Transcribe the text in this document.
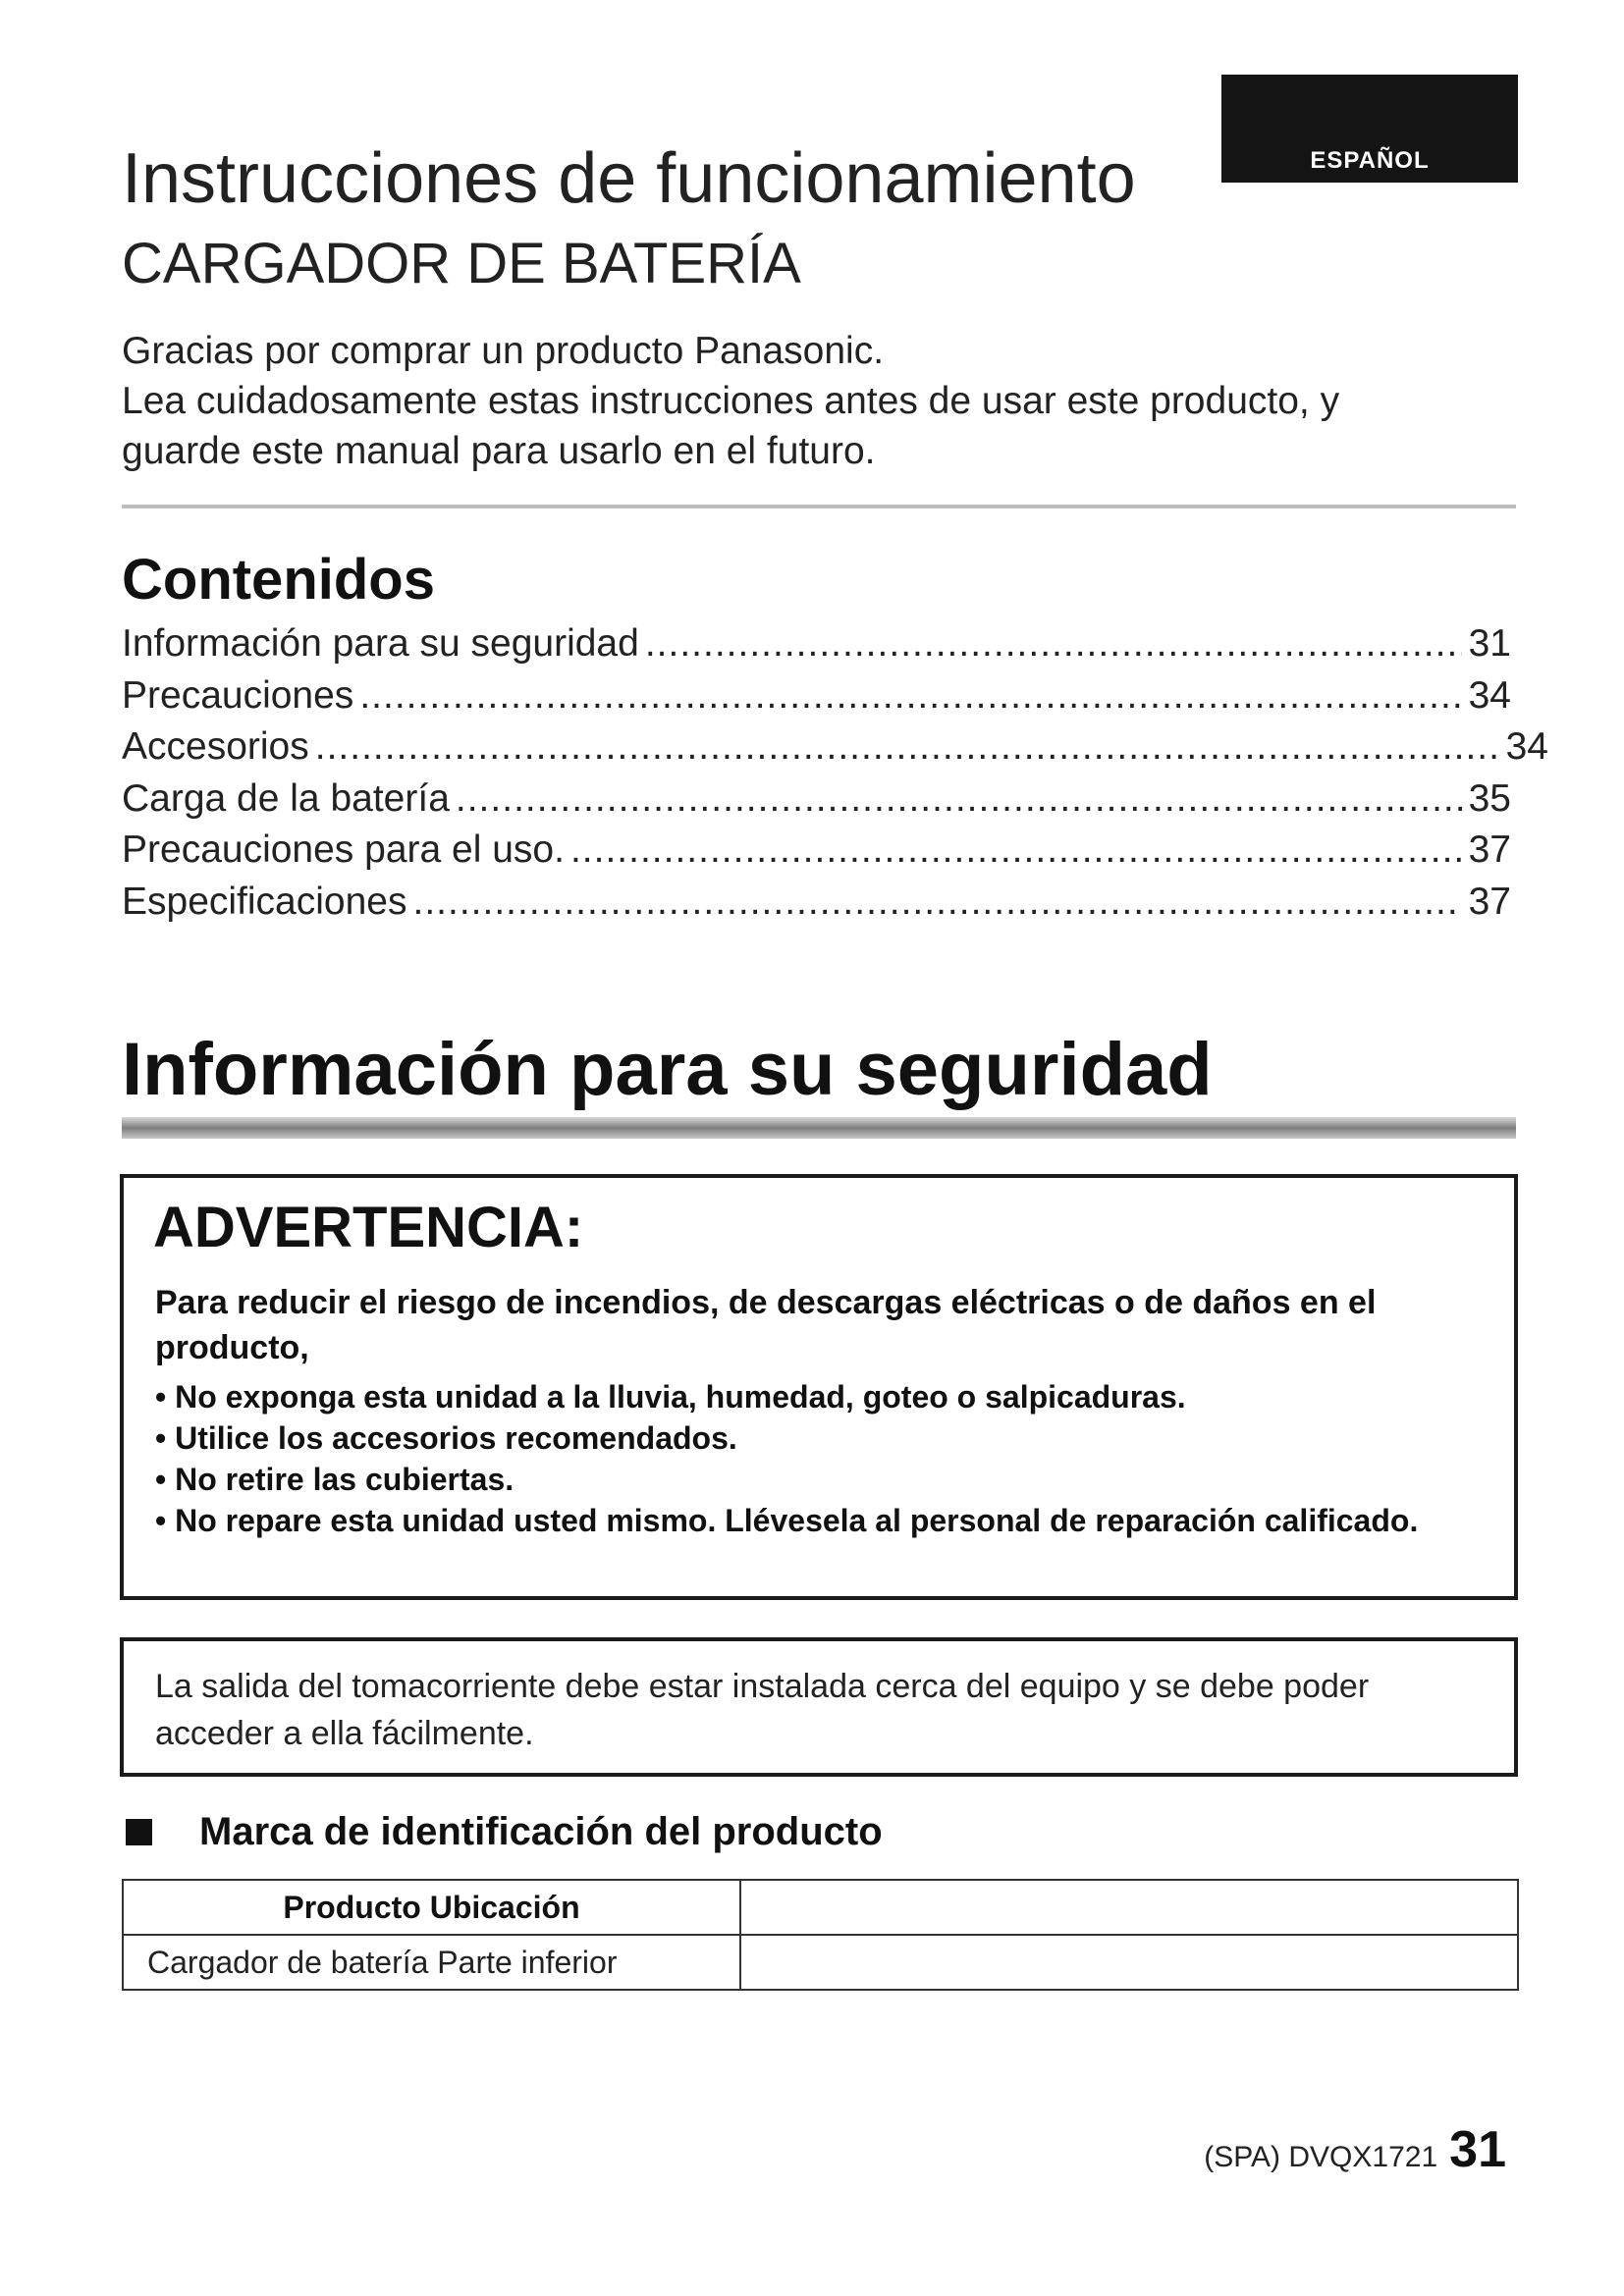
ESPAÑOL
Instrucciones de funcionamiento
CARGADOR DE BATERÍA
Gracias por comprar un producto Panasonic.
Lea cuidadosamente estas instrucciones antes de usar este producto, y
guarde este manual para usarlo en el futuro.
Contenidos
Información para su seguridad .....	31
Precauciones .....	34
Accesorios .....	34
Carga de la batería .....	35
Precauciones para el uso. .....	37
Especificaciones .....	37
Información para su seguridad
ADVERTENCIA:
Para reducir el riesgo de incendios, de descargas eléctricas o de daños en el producto,
• No exponga esta unidad a la lluvia, humedad, goteo o salpicaduras.
• Utilice los accesorios recomendados.
• No retire las cubiertas.
• No repare esta unidad usted mismo. Llévesela al personal de reparación calificado.
La salida del tomacorriente debe estar instalada cerca del equipo y se debe poder acceder a ella fácilmente.
Marca de identificación del producto
Producto Ubicación	
Cargador de batería Parte inferior	
(SPA) DVQX1721 31
